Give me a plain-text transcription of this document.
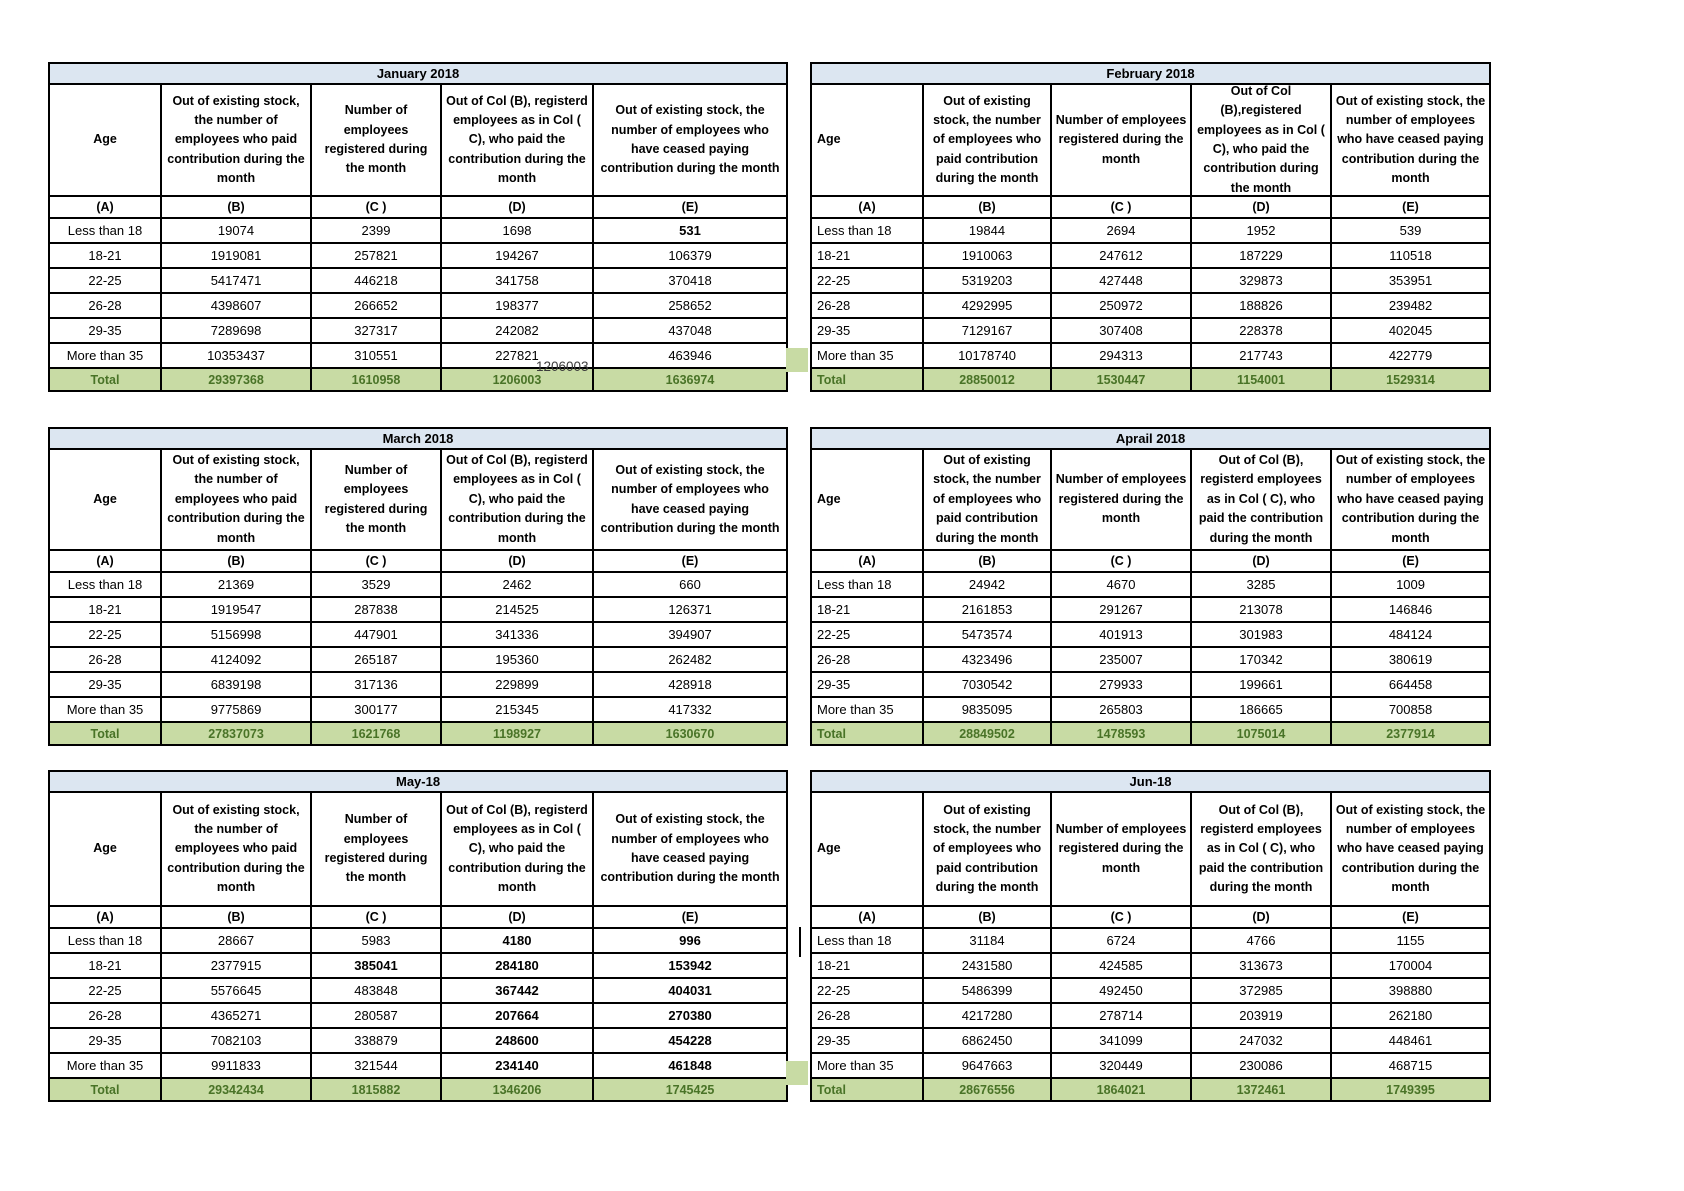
January 2018				

Age	Out of existing stock, the number of employees who paid contribution during the month	Number of employees registered during the month	Out of Col (B), registerd employees as in Col ( C), who paid the contribution during the month	Out of existing stock, the number of employees who have ceased paying contribution during the month

(A)	(B)	(C )	(D)	(E)
Less than 18	19074	2399	1698	531
18-21	1919081	257821	194267	106379
22-25	5417471	446218	341758	370418
26-28	4398607	266652	198377	258652
29-35	7289698	327317	242082	437048
More than 35	10353437	310551	227821	463946
Total	29397368	1610958	1206003	1636974
February 2018				

Age	Out of existing stock, the number of employees who paid contribution during the month	Number of employees registered during the month	Out of Col (B),registered employees as in Col ( C), who paid the contribution during the month	Out of existing stock, the number of employees who have ceased paying contribution during the month

(A)	(B)	(C )	(D)	(E)
Less than 18	19844	2694	1952	539
18-21	1910063	247612	187229	110518
22-25	5319203	427448	329873	353951
26-28	4292995	250972	188826	239482
29-35	7129167	307408	228378	402045
More than 35	10178740	294313	217743	422779
Total	28850012	1530447	1154001	1529314
March 2018				

Age	Out of existing stock, the number of employees who paid contribution during the month	Number of employees registered during the month	Out of Col (B), registerd employees as in Col ( C), who paid the contribution during the month	Out of existing stock, the number of employees who have ceased paying contribution during the month

(A)	(B)	(C )	(D)	(E)
Less than 18	21369	3529	2462	660
18-21	1919547	287838	214525	126371
22-25	5156998	447901	341336	394907
26-28	4124092	265187	195360	262482
29-35	6839198	317136	229899	428918
More than 35	9775869	300177	215345	417332
Total	27837073	1621768	1198927	1630670
Aprail 2018				

Age	Out of existing stock, the number of employees who paid contribution during the month	Number of employees registered during the month	Out of Col (B), registerd employees as in Col ( C), who paid the contribution during the month	Out of existing stock, the number of employees who have ceased paying contribution during the month

(A)	(B)	(C )	(D)	(E)
Less than 18	24942	4670	3285	1009
18-21	2161853	291267	213078	146846
22-25	5473574	401913	301983	484124
26-28	4323496	235007	170342	380619
29-35	7030542	279933	199661	664458
More than 35	9835095	265803	186665	700858
Total	28849502	1478593	1075014	2377914
May-18				

Age	Out of existing stock, the number of employees who paid contribution during the month	Number of employees registered during the month	Out of Col (B), registerd employees as in Col ( C), who paid the contribution during the month	Out of existing stock, the number of employees who have ceased paying contribution during the month

(A)	(B)	(C )	(D)	(E)
Less than 18	28667	5983	4180	996
18-21	2377915	385041	284180	153942
22-25	5576645	483848	367442	404031
26-28	4365271	280587	207664	270380
29-35	7082103	338879	248600	454228
More than 35	9911833	321544	234140	461848
Total	29342434	1815882	1346206	1745425
Jun-18				

Age	Out of existing stock, the number of employees who paid contribution during the month	Number of employees registered during the month	Out of Col (B), registerd employees as in Col ( C), who paid the contribution during the month	Out of existing stock, the number of employees who have ceased paying contribution during the month

(A)	(B)	(C )	(D)	(E)
Less than 18	31184	6724	4766	1155
18-21	2431580	424585	313673	170004
22-25	5486399	492450	372985	398880
26-28	4217280	278714	203919	262180
29-35	6862450	341099	247032	448461
More than 35	9647663	320449	230086	468715
Total	28676556	1864021	1372461	1749395
1206003
